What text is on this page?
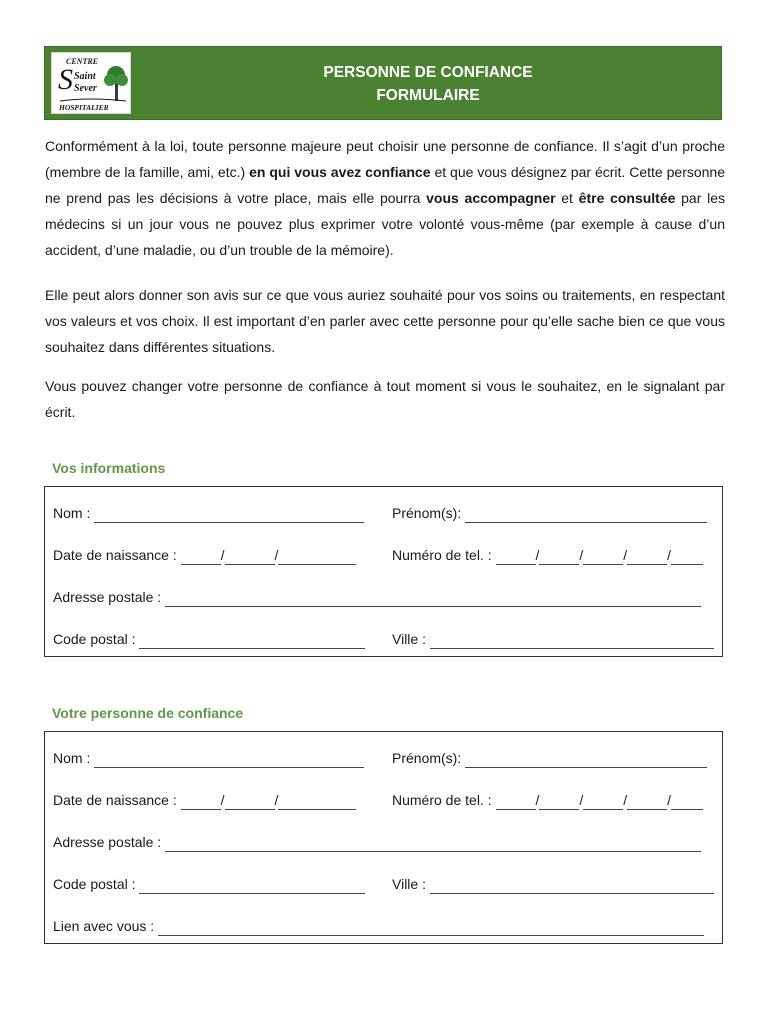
CENTRE
S Saint
Sever
HOSPITALIER
PERSONNE DE CONFIANCE
FORMULAIRE
Conformément à la loi, toute personne majeure peut choisir une personne de confiance. Il s’agit d’un proche (membre de la famille, ami, etc.) en qui vous avez confiance et que vous désignez par écrit. Cette personne ne prend pas les décisions à votre place, mais elle pourra vous accompagner et être consultée par les médecins si un jour vous ne pouvez plus exprimer votre volonté vous-même (par exemple à cause d’un accident, d’une maladie, ou d’un trouble de la mémoire).
Elle peut alors donner son avis sur ce que vous auriez souhaité pour vos soins ou traitements, en respectant vos valeurs et vos choix. Il est important d’en parler avec cette personne pour qu’elle sache bien ce que vous souhaitez dans différentes situations.
Vous pouvez changer votre personne de confiance à tout moment si vous le souhaitez, en le signalant par écrit.
Vos informations
Nom :	Prénom(s):
Date de naissance :	/	/	Numéro de tel. :	/	/	/	/
Adresse postale :
Code postal :	Ville :
Votre personne de confiance
Nom :	Prénom(s):
Date de naissance :	/	/	Numéro de tel. :	/	/	/	/
Adresse postale :
Code postal :	Ville :
Lien avec vous :
